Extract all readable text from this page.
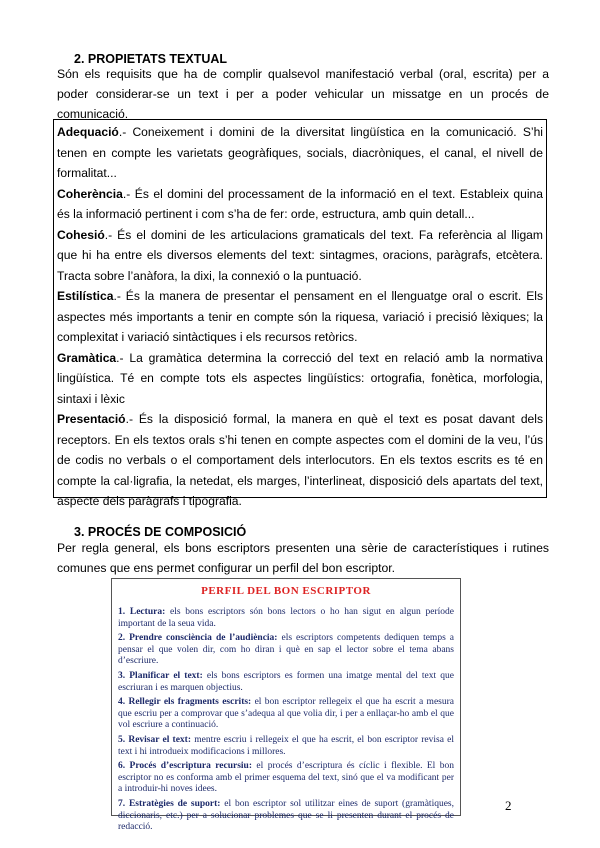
2. PROPIETATS TEXTUAL

Són els requisits que ha de complir qualsevol manifestació verbal (oral, escrita) per a poder considerar-se un text i per a poder vehicular un missatge en un procés de comunicació.

Adequació.- Coneixement i domini de la diversitat lingüística en la comunicació. S’hi tenen en compte les varietats geogràfiques, socials, diacròniques, el canal, el nivell de formalitat...

Coherència.- És el domini del processament de la informació en el text. Estableix quina és la informació pertinent i com s’ha de fer: orde, estructura, amb quin detall...

Cohesió.- És el domini de les articulacions gramaticals del text. Fa referència al lligam que hi ha entre els diversos elements del text: sintagmes, oracions, paràgrafs, etcètera. Tracta sobre l’anàfora, la dixi, la connexió o la puntuació.

Estilística.- És la manera de presentar el pensament en el llenguatge oral o escrit. Els aspectes més importants a tenir en compte són la riquesa, variació i precisió lèxiques; la complexitat i variació sintàctiques i els recursos retòrics.

Gramàtica.- La gramàtica determina la correcció del text en relació amb la normativa lingüística. Té en compte tots els aspectes lingüístics: ortografia, fonètica, morfologia, sintaxi i lèxic

Presentació.- És la disposició formal, la manera en què el text es posat davant dels receptors. En els textos orals s’hi tenen en compte aspectes com el domini de la veu, l’ús de codis no verbals o el comportament dels interlocutors. En els textos escrits es té en compte la cal·ligrafia, la netedat, els marges, l’interlineat, disposició dels apartats del text, aspecte dels paràgrafs i tipografia.

3. PROCÉS DE COMPOSICIÓ

Per regla general, els bons escriptors presenten una sèrie de característiques i rutines comunes que ens permet configurar un perfil del bon escriptor.

PERFIL DEL BON ESCRIPTOR

1. Lectura: els bons escriptors són bons lectors o ho han sigut en algun període important de la seua vida.

2. Prendre consciència de l’audiència: els escriptors competents dediquen temps a pensar el que volen dir, com ho diran i què en sap el lector sobre el tema abans d’escriure.

3. Planificar el text: els bons escriptors es formen una imatge mental del text que escriuran i es marquen objectius.

4. Rellegir els fragments escrits: el bon escriptor rellegeix el que ha escrit a mesura que escriu per a comprovar que s’adequa al que volia dir, i per a enllaçar-ho amb el que vol escriure a continuació.

5. Revisar el text: mentre escriu i rellegeix el que ha escrit, el bon escriptor revisa el text i hi introdueix modificacions i millores.

6. Procés d’escriptura recursiu: el procés d’escriptura és cíclic i flexible. El bon escriptor no es conforma amb el primer esquema del text, sinó que el va modificant per a introduir-hi noves idees.

7. Estratègies de suport: el bon escriptor sol utilitzar eines de suport (gramàtiques, diccionaris, etc.) per a solucionar problemes que se li presenten durant el procés de redacció.

2
